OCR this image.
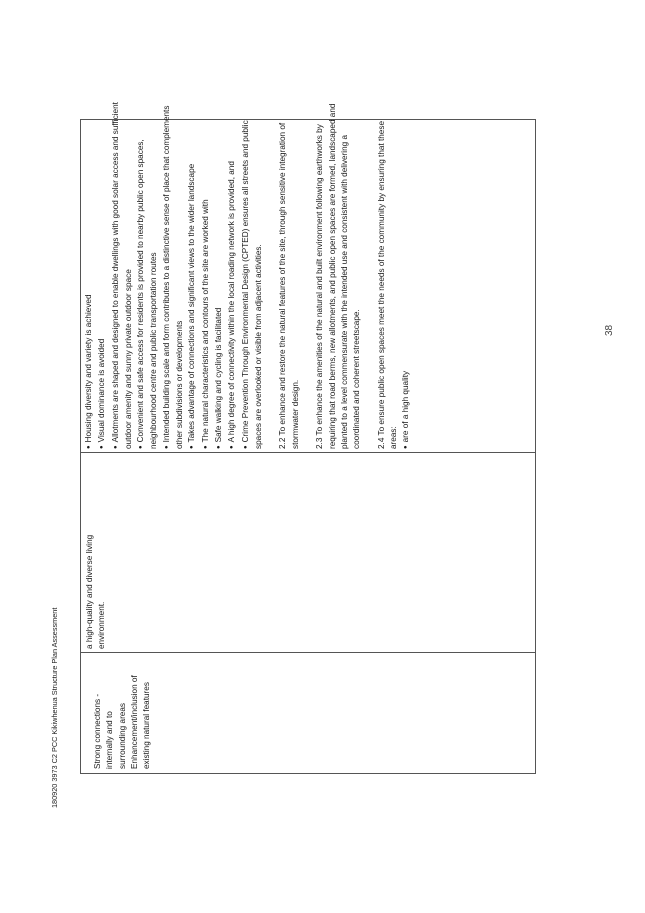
Strong connections - internally and to surrounding areas Enhancement/inclusion of existing natural features
a high-quality and diverse living environment.
● Housing diversity and variety is achieved ● Visual dominance is avoided ● Allotments are shaped and designed to enable dwellings with good solar access and sufficient outdoor amenity and sunny private outdoor space ● Convenient and safe access for residents is provided to nearby public open spaces, neighbourhood centre and public transportation routes ● Intended building scale and form contributes to a distinctive sense of place that complements other subdivisions or developments ● Takes advantage of connections and significant views to the wider landscape ● The natural characteristics and contours of the site are worked with ● Safe walking and cycling is facilitated ● A high degree of connectivity within the local roading network is provided, and ● Crime Prevention Through Environmental Design (CPTED) ensures all streets and public spaces are overlooked or visible from adjacent activities. 2.2 To enhance and restore the natural features of the site, through sensitive integration of stormwater design. 2.3 To enhance the amenities of the natural and built environment following earthworks by requiring that road berms, new allotments, and public open spaces are formed, landscaped and planted to a level commensurate with the intended use and consistent with delivering a coordinated and coherent streetscape. 2.4 To ensure public open spaces meet the needs of the community by ensuring that these areas: ● are of a high quality
180920 3973 C2 PCC Kikiwhenua Structure Plan Assessment
38
